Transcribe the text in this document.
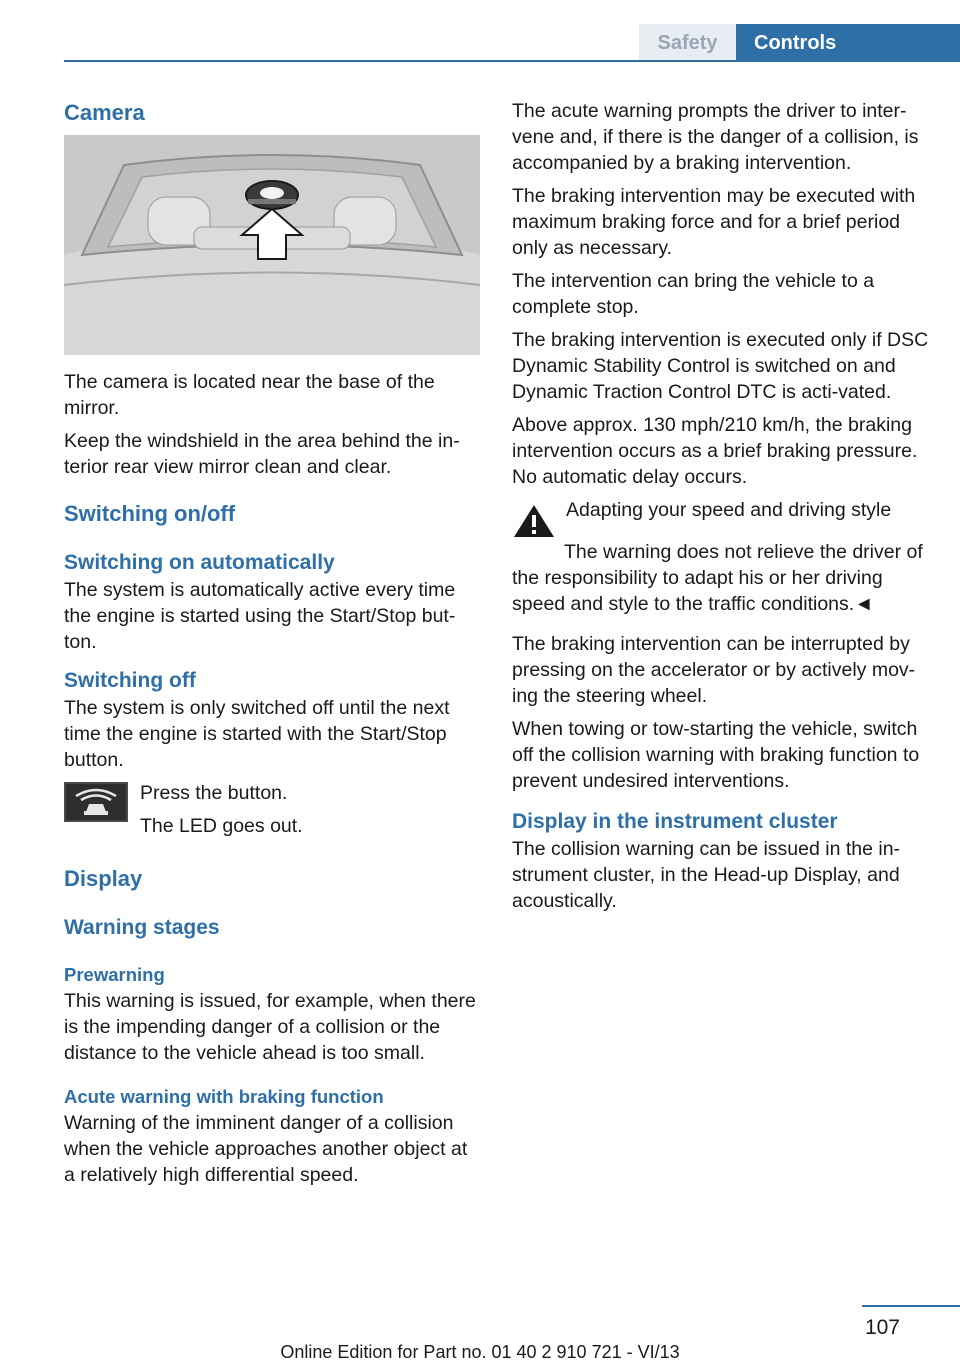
Safety	Controls
Camera

The camera is located near the base of the mirror.

Keep the windshield in the area behind the in-terior rear view mirror clean and clear.

Switching on/off
Switching on automatically

The system is automatically active every time the engine is started using the Start/Stop but-ton.

Switching off

The system is only switched off until the next time the engine is started with the Start/Stop button.

Press the button.

The LED goes out.

Display
Warning stages
Prewarning

This warning is issued, for example, when there is the impending danger of a collision or the distance to the vehicle ahead is too small.

Acute warning with braking function

Warning of the imminent danger of a collision when the vehicle approaches another object at a relatively high differential speed.

The acute warning prompts the driver to inter-vene and, if there is the danger of a collision, is accompanied by a braking intervention.

The braking intervention may be executed with maximum braking force and for a brief period only as necessary.

The intervention can bring the vehicle to a complete stop.

The braking intervention is executed only if DSC Dynamic Stability Control is switched on and Dynamic Traction Control DTC is acti-vated.

Above approx. 130 mph/210 km/h, the braking intervention occurs as a brief braking pressure. No automatic delay occurs.

Adapting your speed and driving style

The warning does not relieve the driver of the responsibility to adapt his or her driving speed and style to the traffic conditions.◄

The braking intervention can be interrupted by pressing on the accelerator or by actively mov-ing the steering wheel.

When towing or tow-starting the vehicle, switch off the collision warning with braking function to prevent undesired interventions.

Display in the instrument cluster

The collision warning can be issued in the in-strument cluster, in the Head-up Display, and acoustically.

107
Online Edition for Part no. 01 40 2 910 721 - VI/13
